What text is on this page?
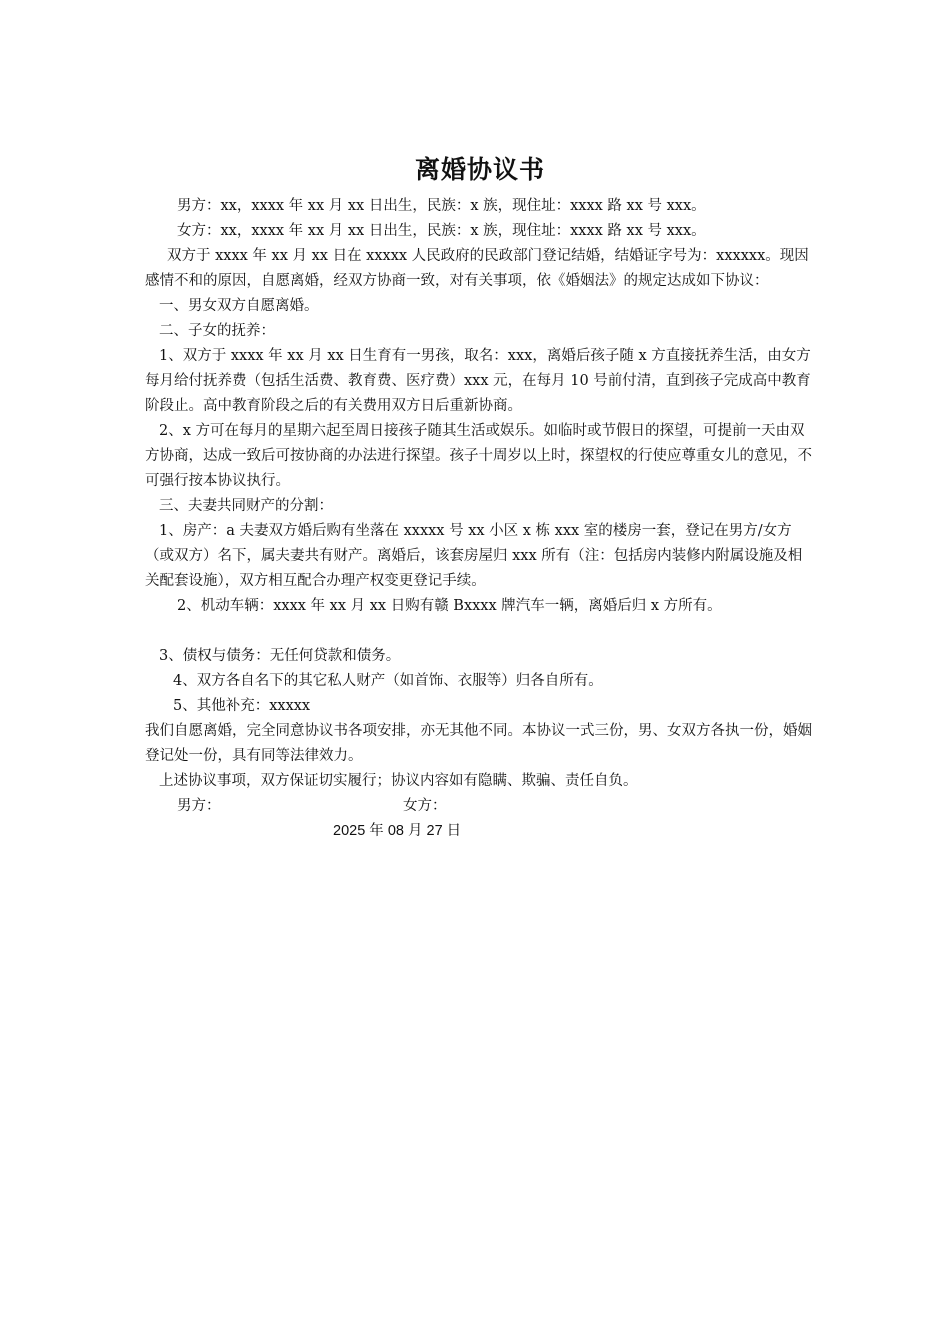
离婚协议书

男方：xx，xxxx 年 xx 月 xx 日出生，民族：x 族，现住址：xxxx 路 xx 号 xxx。

女方：xx，xxxx 年 xx 月 xx 日出生，民族：x 族，现住址：xxxx 路 xx 号 xxx。

双方于 xxxx 年 xx 月 xx 日在 xxxxx 人民政府的民政部门登记结婚，结婚证字号为：xxxxxx。现因感情不和的原因，自愿离婚，经双方协商一致，对有关事项，依《婚姻法》的规定达成如下协议：

一、男女双方自愿离婚。

二、子女的抚养：

1、双方于 xxxx 年 xx 月 xx 日生育有一男孩，取名：xxx，离婚后孩子随 x 方直接抚养生活，由女方每月给付抚养费（包括生活费、教育费、医疗费）xxx 元，在每月 10 号前付清，直到孩子完成高中教育阶段止。高中教育阶段之后的有关费用双方日后重新协商。

2、x 方可在每月的星期六起至周日接孩子随其生活或娱乐。如临时或节假日的探望，可提前一天由双方协商，达成一致后可按协商的办法进行探望。孩子十周岁以上时，探望权的行使应尊重女儿的意见，不可强行按本协议执行。

三、夫妻共同财产的分割：

1、房产：a 夫妻双方婚后购有坐落在 xxxxx 号 xx 小区 x 栋 xxx 室的楼房一套，登记在男方/女方（或双方）名下，属夫妻共有财产。离婚后，该套房屋归 xxx 所有（注：包括房内装修内附属设施及相关配套设施），双方相互配合办理产权变更登记手续。

2、机动车辆：xxxx 年 xx 月 xx 日购有赣 Bxxxx 牌汽车一辆，离婚后归 x 方所有。

3、债权与债务：无任何贷款和债务。

4、双方各自名下的其它私人财产（如首饰、衣服等）归各自所有。

5、其他补充：xxxxx

我们自愿离婚，完全同意协议书各项安排，亦无其他不同。本协议一式三份，男、女双方各执一份，婚姻登记处一份，具有同等法律效力。

上述协议事项，双方保证切实履行；协议内容如有隐瞒、欺骗、责任自负。

男方：	女方：
2025 年 08 月 27 日
